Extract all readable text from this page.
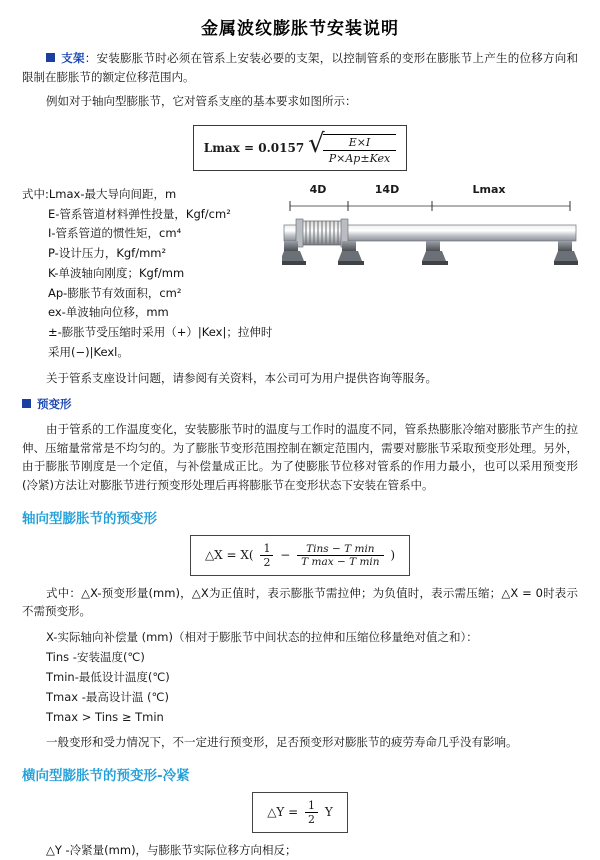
金属波纹膨胀节安装说明

支架：安装膨胀节时必须在管系上安装必要的支架，以控制管系的变形在膨胀节上产生的位移方向和限制在膨胀节的额定位移范围内。

例如对于轴向型膨胀节，它对管系支座的基本要求如图所示：

Lmax = 0.0157 √
$\frac{E\times I}{\text{P×Ap±Kex}}$
式中:Lmax-最大导向间距，m
E-管系管道材料弹性投量，Kgf/cm²
I-管系管道的惯性矩，cm⁴
P-设计压力，Kgf/mm²
K-单波轴向刚度；Kgf/mm
Ap-膨胀节有效面积，cm²
ex-单波轴向位移，mm
±-膨胀节受压缩时采用（+）|Kex|；拉伸时采用(−)|Kexl。
4D	14D	Lmax

关于管系支座设计问题，请参阅有关资料，本公司可为用户提供咨询等服务。

预变形

由于管系的工作温度变化，安装膨胀节时的温度与工作时的温度不同，管系热膨胀冷缩对膨胀节产生的拉伸、压缩量常常是不均匀的。为了膨胀节变形范围控制在额定范围内，需要对膨胀节采取预变形处理。另外，由于膨胀节刚度是一个定值，与补偿量成正比。为了使膨胀节位移对管系的作用力最小，也可以采用预变形(冷紧)方法让对膨胀节进行预变形处理后再将膨胀节在变形状态下安装在管系中。

轴向型膨胀节的预变形
△X = $X( \frac{1}{2}$ −	Tins − T min
T max − T min )

式中：△X-预变形量(mm)，△X为正值时，表示膨胀节需拉伸；为负值时，表示需压缩；△X = 0时表示不需预变形。

X-实际轴向补偿量 (mm)（相对于膨胀节中间状态的拉伸和压缩位移量绝对值之和）：
Tins -安装温度(℃)
Tmin-最低设计温度(℃)
Tmax -最高设计温 (℃)
Tmax > Tins ≥ Tmin

一般变形和受力情况下，不一定进行预变形，足否预变形对膨胀节的疲劳寿命几乎没有影响。

横向型膨胀节的预变形-冷紧
△Y = $\frac{1}{2}$ Y

△Y -冷紧量(mm)，与膨胀节实际位移方向相反；
